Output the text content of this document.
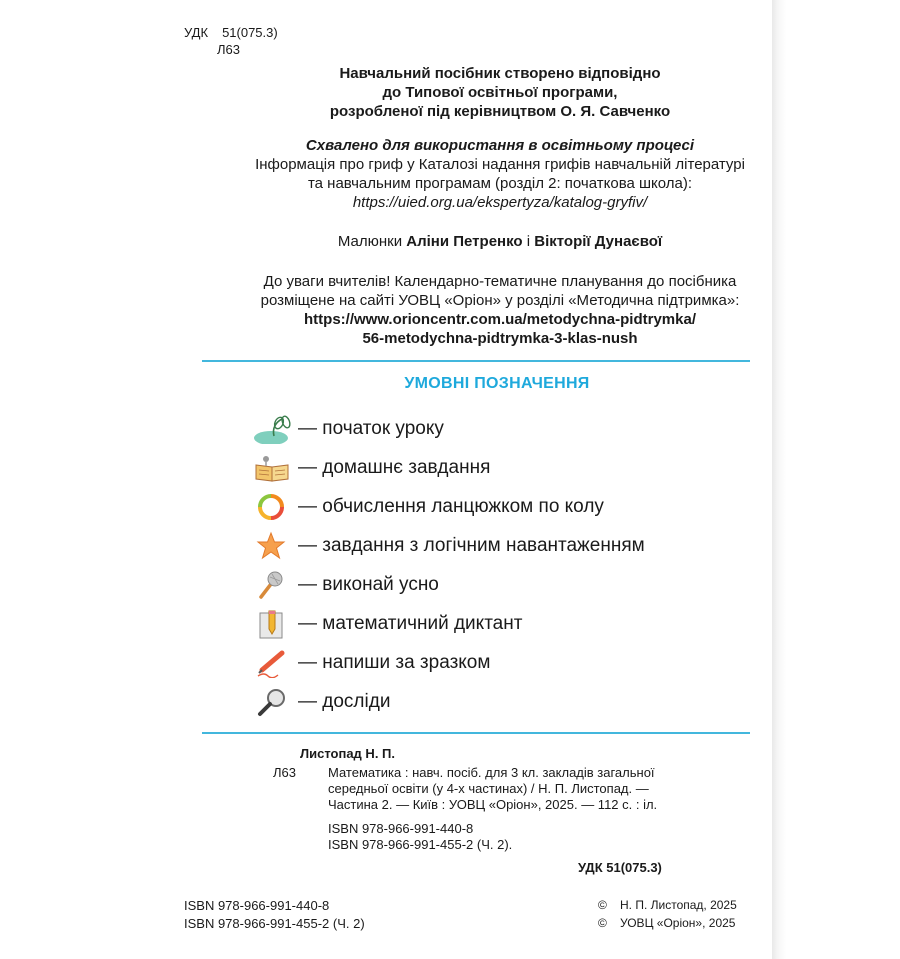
УДК 51(075.3)
Л63
Навчальний посібник створено відповідно
до Типової освітньої програми,
розробленої під керівництвом О. Я. Савченко
Схвалено для використання в освітньому процесі
Інформація про гриф у Каталозі надання грифів навчальній літературі
та навчальним програмам (розділ 2: початкова школа):
https://uied.org.ua/ekspertyza/katalog-gryfiv/
Малюнки Аліни Петренко і Вікторії Дунаєвої
До уваги вчителів! Календарно-тематичне планування до посібника
розміщене на сайті УОВЦ «Оріон» у розділі «Методична підтримка»:
https://www.orioncentr.com.ua/metodychna-pidtrymka/
56-metodychna-pidtrymka-3-klas-nush
УМОВНІ ПОЗНАЧЕННЯ
— початок уроку
— домашнє завдання
— обчислення ланцюжком по колу
— завдання з логічним навантаженням
— виконай усно
— математичний диктант
— напиши за зразком
— досліди
Листопад Н. П.
Л63 Математика : навч. посіб. для 3 кл. закладів загальної
середньої освіти (у 4-х частинах) / Н. П. Листопад. —
Частина 2. — Київ : УОВЦ «Оріон», 2025. — 112 с. : іл.
ISBN 978-966-991-440-8
ISBN 978-966-991-455-2 (Ч. 2).
УДК 51(075.3)
ISBN 978-966-991-440-8
ISBN 978-966-991-455-2 (Ч. 2)
© Н. П. Листопад, 2025
© УОВЦ «Оріон», 2025
